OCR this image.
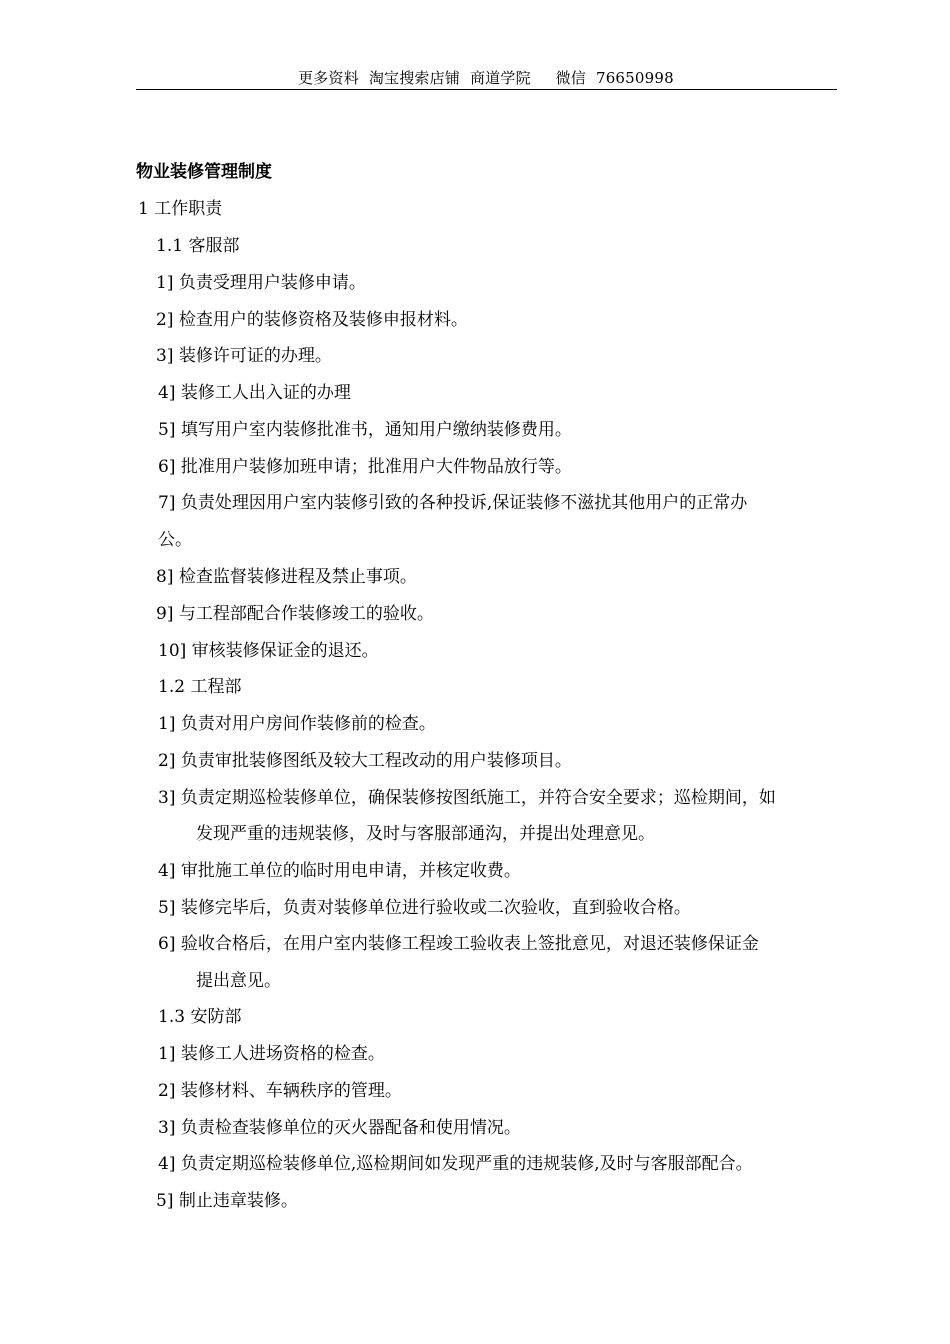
更多资料  淘宝搜索店铺  商道学院     微信  76650998
物业装修管理制度
1 工作职责
1.1 客服部
1] 负责受理用户装修申请。
2] 检查用户的装修资格及装修申报材料。
3] 装修许可证的办理。
4] 装修工人出入证的办理
5] 填写用户室内装修批准书，通知用户缴纳装修费用。
6] 批准用户装修加班申请；批准用户大件物品放行等。
7] 负责处理因用户室内装修引致的各种投诉,保证装修不滋扰其他用户的正常办
公。
8] 检查监督装修进程及禁止事项。
9] 与工程部配合作装修竣工的验收。
10] 审核装修保证金的退还。
1.2 工程部
1] 负责对用户房间作装修前的检查。
2] 负责审批装修图纸及较大工程改动的用户装修项目。
3] 负责定期巡检装修单位，确保装修按图纸施工，并符合安全要求；巡检期间，如
发现严重的违规装修，及时与客服部通沟，并提出处理意见。
4] 审批施工单位的临时用电申请，并核定收费。
5] 装修完毕后，负责对装修单位进行验收或二次验收，直到验收合格。
6] 验收合格后，在用户室内装修工程竣工验收表上签批意见，对退还装修保证金
提出意见。
1.3 安防部
1] 装修工人进场资格的检查。
2] 装修材料、车辆秩序的管理。
3] 负责检查装修单位的灭火器配备和使用情况。
4] 负责定期巡检装修单位,巡检期间如发现严重的违规装修,及时与客服部配合。
5] 制止违章装修。
